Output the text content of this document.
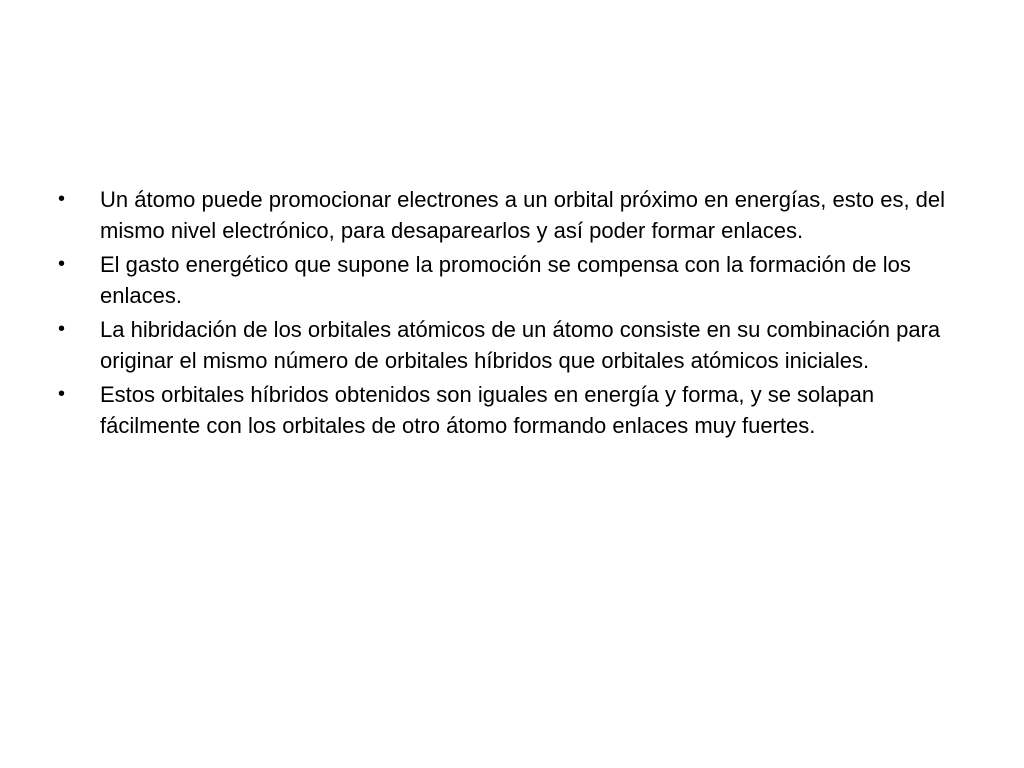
•	Un átomo puede promocionar electrones a un orbital próximo en energías, esto es, del mismo nivel electrónico, para desaparearlos y así poder formar enlaces.
•	El gasto energético que supone la promoción se compensa con la formación de los enlaces.
•	La hibridación de los orbitales atómicos de un átomo consiste en su combinación para originar el mismo número de orbitales híbridos que orbitales atómicos iniciales.
•	Estos orbitales híbridos obtenidos son iguales en energía y forma, y se solapan fácilmente con los orbitales de otro átomo formando enlaces muy fuertes.
